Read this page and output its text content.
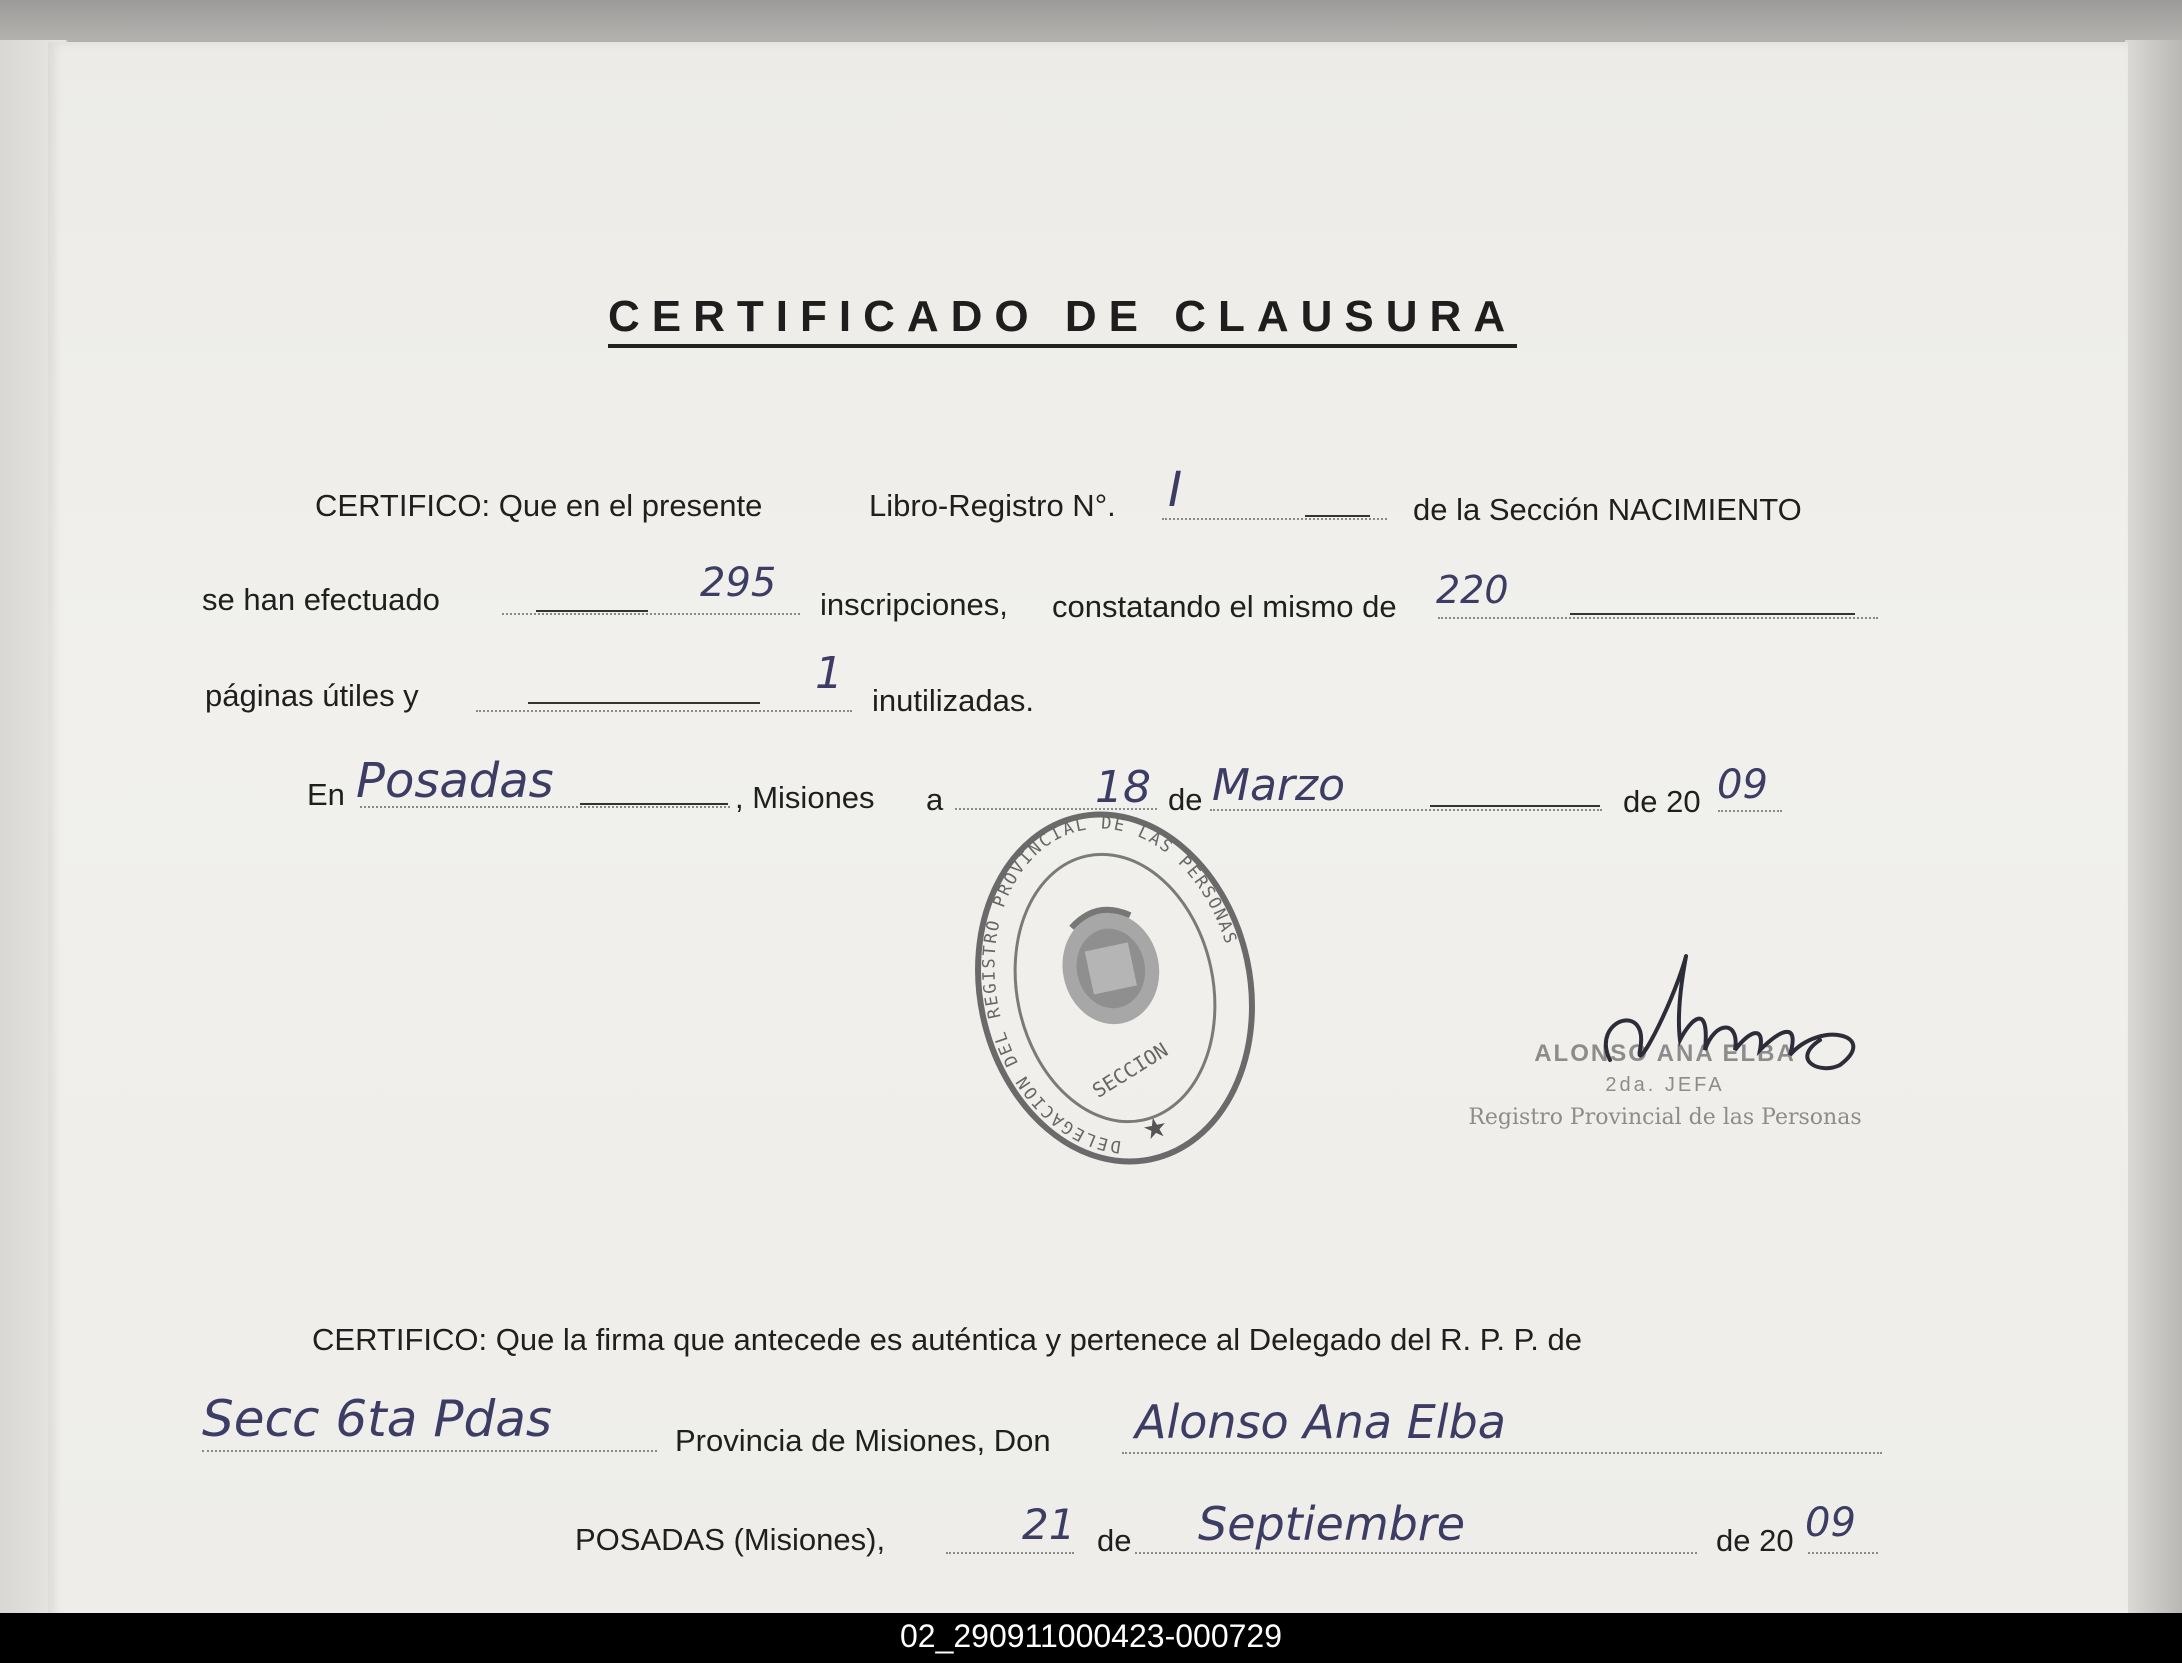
CERTIFICADO DE CLAUSURA
CERTIFICO: Que en el presente	Libro-Registro N°. I	de la Sección NACIMIENTO
se han efectuado	295 inscripciones, constatando el mismo de 220
páginas útiles y	1
inutilizadas.
En Posadas	, Misiones a	18 de Marzo	de 20 09
DELEGACION DEL REGISTRO PROVINCIAL DE LAS PERSONAS
SECCION
★
ALONSO ANA ELBA
2da. JEFA
Registro Provincial de las Personas
CERTIFICO: Que la firma que antecede es auténtica y pertenece al Delegado del R. P. P. de
Secc 6ta Pdas	Provincia de Misiones, Don Alonso Ana Elba
POSADAS (Misiones),	21 de Septiembre	de 20 09
02_290911000423-000729
